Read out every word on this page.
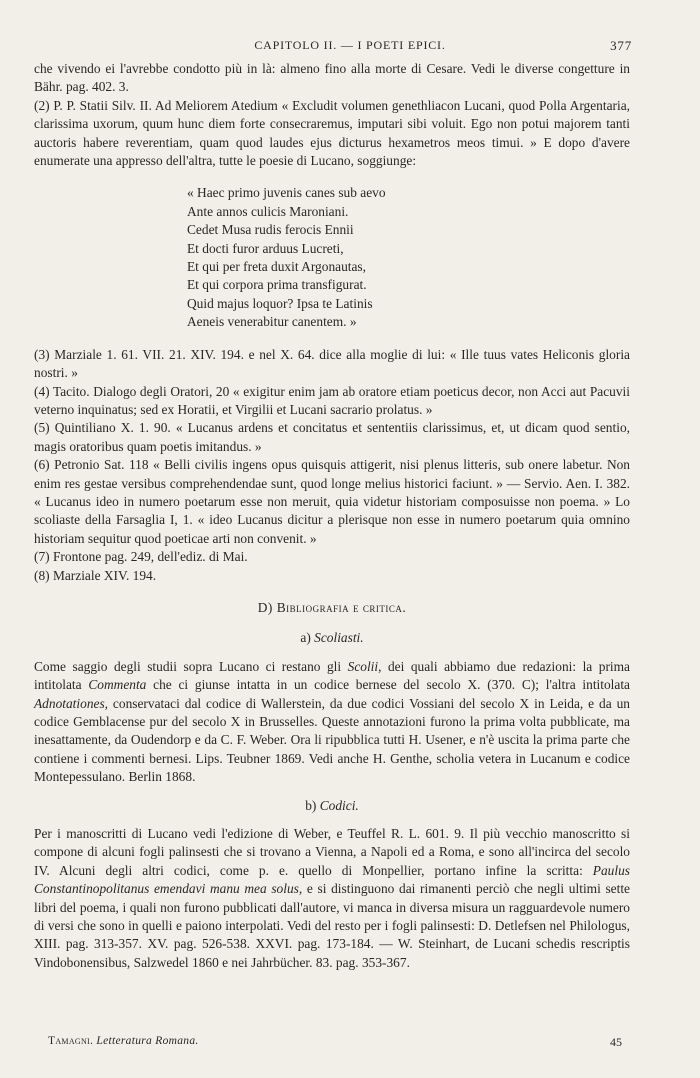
CAPITOLO II. — I POETI EPICI.	377

che vivendo ei l'avrebbe condotto più in là: almeno fino alla morte di Cesare. Vedi le diverse congetture in Bähr. pag. 402. 3.

(2) P. P. Statii Silv. II. Ad Meliorem Atedium « Excludit volumen genethliacon Lucani, quod Polla Argentaria, clarissima uxorum, quum hunc diem forte consecraremus, imputari sibi voluit. Ego non potui majorem tanti auctoris habere reverentiam, quam quod laudes ejus dicturus hexametros meos timui. » E dopo d'avere enumerate una appresso dell'altra, tutte le poesie di Lucano, soggiunge:

« Haec primo juvenis canes sub aevo
Ante annos culicis Maroniani.
Cedet Musa rudis ferocis Ennii
Et docti furor arduus Lucreti,
Et qui per freta duxit Argonautas,
Et qui corpora prima transfigurat.
Quid majus loquor? Ipsa te Latinis
Aeneis venerabitur canentem. »

(3) Marziale 1. 61. VII. 21. XIV. 194. e nel X. 64. dice alla moglie di lui: « Ille tuus vates Heliconis gloria nostri. »

(4) Tacito. Dialogo degli Oratori, 20 « exigitur enim jam ab oratore etiam poeticus decor, non Acci aut Pacuvii veterno inquinatus; sed ex Horatii, et Virgilii et Lucani sacrario prolatus. »

(5) Quintiliano X. 1. 90. « Lucanus ardens et concitatus et sententiis clarissimus, et, ut dicam quod sentio, magis oratoribus quam poetis imitandus. »

(6) Petronio Sat. 118 « Belli civilis ingens opus quisquis attigerit, nisi plenus litteris, sub onere labetur. Non enim res gestae versibus comprehendendae sunt, quod longe melius historici faciunt. » — Servio. Aen. I. 382. « Lucanus ideo in numero poetarum esse non meruit, quia videtur historiam composuisse non poema. » Lo scoliaste della Farsaglia I, 1. « ideo Lucanus dicitur a plerisque non esse in numero poetarum quia omnino historiam sequitur quod poeticae arti non convenit. »

(7) Frontone pag. 249, dell'ediz. di Mai.

(8) Marziale XIV. 194.

D) Bibliografia e critica.
a) Scoliasti.

Come saggio degli studii sopra Lucano ci restano gli Scolii, dei quali abbiamo due redazioni: la prima intitolata Commenta che ci giunse intatta in un codice bernese del secolo X. (370. C); l'altra intitolata Adnotationes, conservataci dal codice di Wallerstein, da due codici Vossiani del secolo X in Leida, e da un codice Gemblacense pur del secolo X in Brusselles. Queste annotazioni furono la prima volta pubblicate, ma inesattamente, da Oudendorp e da C. F. Weber. Ora li ripubblica tutti H. Usener, e n'è uscita la prima parte che contiene i commenti bernesi. Lips. Teubner 1869. Vedi anche H. Genthe, scholia vetera in Lucanum e codice Montepessulano. Berlin 1868.

b) Codici.

Per i manoscritti di Lucano vedi l'edizione di Weber, e Teuffel R. L. 601. 9. Il più vecchio manoscritto si compone di alcuni fogli palinsesti che si trovano a Vienna, a Napoli ed a Roma, e sono all'incirca del secolo IV. Alcuni degli altri codici, come p. e. quello di Monpellier, portano infine la scritta: Paulus Constantinopolitanus emendavi manu mea solus, e si distinguono dai rimanenti perciò che negli ultimi sette libri del poema, i quali non furono pubblicati dall'autore, vi manca in diversa misura un ragguardevole numero di versi che sono in quelli e paiono interpolati. Vedi del resto per i fogli palinsesti: D. Detlefsen nel Philologus, XIII. pag. 313-357. XV. pag. 526-538. XXVI. pag. 173-184. — W. Steinhart, de Lucani schedis rescriptis Vindobonensibus, Salzwedel 1860 e nei Jahrbücher. 83. pag. 353-367.

Tamagni. Letteratura Romana.	45
